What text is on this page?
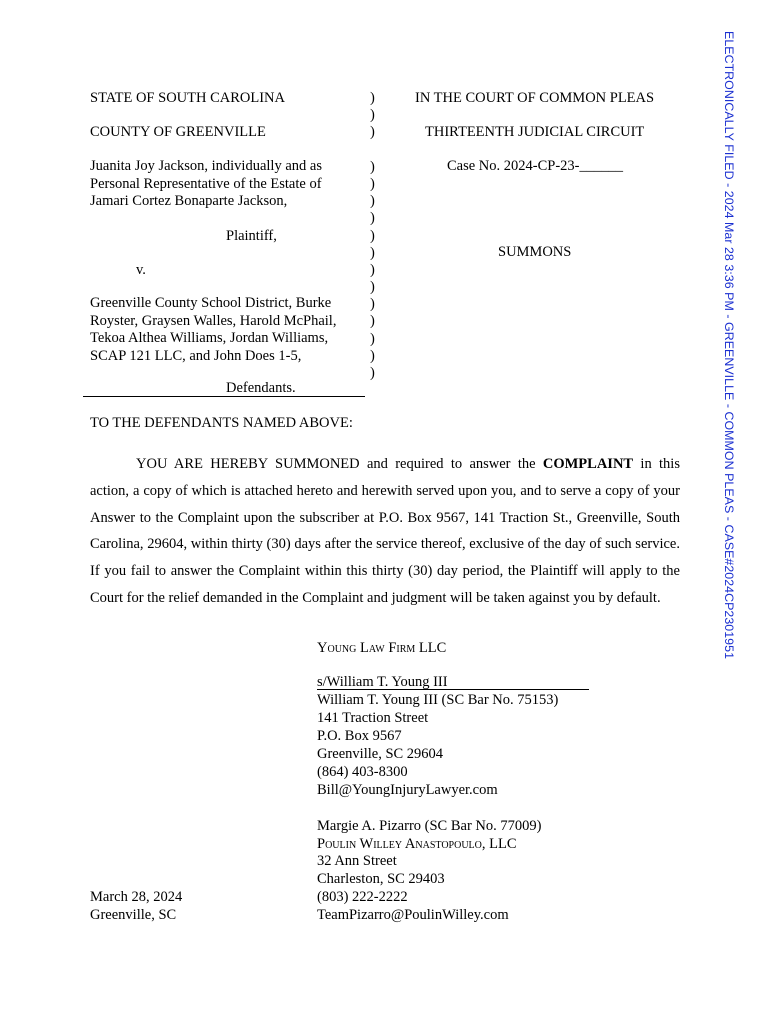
ELECTRONICALLY FILED - 2024 Mar 28 3:36 PM - GREENVILLE - COMMON PLEAS - CASE#2024CP2301951
STATE OF SOUTH CAROLINA
COUNTY OF GREENVILLE
Juanita Joy Jackson, individually and as
Personal Representative of the Estate of
Jamari Cortez Bonaparte Jackson,
Plaintiff,
v.
Greenville County School District, Burke
Royster, Graysen Walles, Harold McPhail,
Tekoa Althea Williams, Jordan Williams,
SCAP 121 LLC, and John Does 1-5,
Defendants.
)
)
)
)
)
)
)
)
)
)
)
)
)
)
)
)
IN THE COURT OF COMMON PLEAS
THIRTEENTH JUDICIAL CIRCUIT
Case No. 2024-CP-23-______
SUMMONS
TO THE DEFENDANTS NAMED ABOVE:
YOU ARE HEREBY SUMMONED and required to answer the COMPLAINT in this action, a copy of which is attached hereto and herewith served upon you, and to serve a copy of your Answer to the Complaint upon the subscriber at P.O. Box 9567, 141 Traction St., Greenville, South Carolina, 29604, within thirty (30) days after the service thereof, exclusive of the day of such service. If you fail to answer the Complaint within this thirty (30) day period, the Plaintiff will apply to the Court for the relief demanded in the Complaint and judgment will be taken against you by default.
Young Law Firm LLC
s/William T. Young III
William T. Young III (SC Bar No. 75153)
141 Traction Street
P.O. Box 9567
Greenville, SC 29604
(864) 403-8300
Bill@YoungInjuryLawyer.com
Margie A. Pizarro (SC Bar No. 77009)
Poulin Willey Anastopoulo, LLC
32 Ann Street
Charleston, SC 29403
(803) 222-2222
TeamPizarro@PoulinWilley.com
March 28, 2024
Greenville, SC
